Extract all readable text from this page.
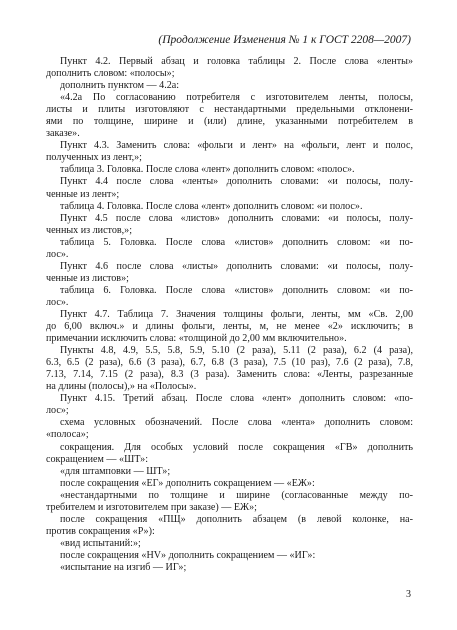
(Продолжение Изменения № 1 к ГОСТ 2208—2007)
Пункт 4.2. Первый абзац и головка таблицы 2. После слова «ленты»
дополнить словом: «полосы»;
дополнить пунктом — 4.2а:
«4.2а По согласованию потребителя с изготовителем ленты, полосы,
листы и плиты изготовляют с нестандартными предельными отклонени-
ями по толщине, ширине и (или) длине, указанными потребителем в
заказе».
Пункт 4.3. Заменить слова: «фольги и лент» на «фольги, лент и полос,
полученных из лент,»;
таблица 3. Головка. После слова «лент» дополнить словом: «полос».
Пункт 4.4 после слова «ленты» дополнить словами: «и полосы, полу-
ченные из лент»;
таблица 4. Головка. После слова «лент» дополнить словом: «и полос».
Пункт 4.5 после слова «листов» дополнить словами: «и полосы, полу-
ченных из листов,»;
таблица 5. Головка. После слова «листов» дополнить словом: «и по-
лос».
Пункт 4.6 после слова «листы» дополнить словами: «и полосы, полу-
ченные из листов»;
таблица 6. Головка. После слова «листов» дополнить словом: «и по-
лос».
Пункт 4.7. Таблица 7. Значения толщины фольги, ленты, мм «Св. 2,00
до 6,00 включ.» и длины фольги, ленты, м, не менее «2» исключить; в
примечании исключить слова: «толщиной до 2,00 мм включительно».
Пункты 4.8, 4.9, 5.5, 5.8, 5.9, 5.10 (2 раза), 5.11 (2 раза), 6.2 (4 раза),
6.3, 6.5 (2 раза), 6.6 (3 раза), 6.7, 6.8 (3 раза), 7.5 (10 раз), 7.6 (2 раза), 7.8,
7.13, 7.14, 7.15 (2 раза), 8.3 (3 раза). Заменить слова: «Ленты, разрезанные
на длины (полосы),» на «Полосы».
Пункт 4.15. Третий абзац. После слова «лент» дополнить словом: «по-
лос»;
схема условных обозначений. После слова «лента» дополнить словом:
«полоса»;
сокращения. Для особых условий после сокращения «ГВ» дополнить
сокращением — «ШТ»:
«для штамповки — ШТ»;
после сокращения «ЕГ» дополнить сокращением — «ЕЖ»:
«нестандартными по толщине и ширине (согласованные между по-
требителем и изготовителем при заказе) — ЕЖ»;
после сокращения «ПЩ» дополнить абзацем (в левой колонке, на-
против сокращения «Р»):
«вид испытаний:»;
после сокращения «HV» дополнить сокращением — «ИГ»:
«испытание на изгиб — ИГ»;
3
